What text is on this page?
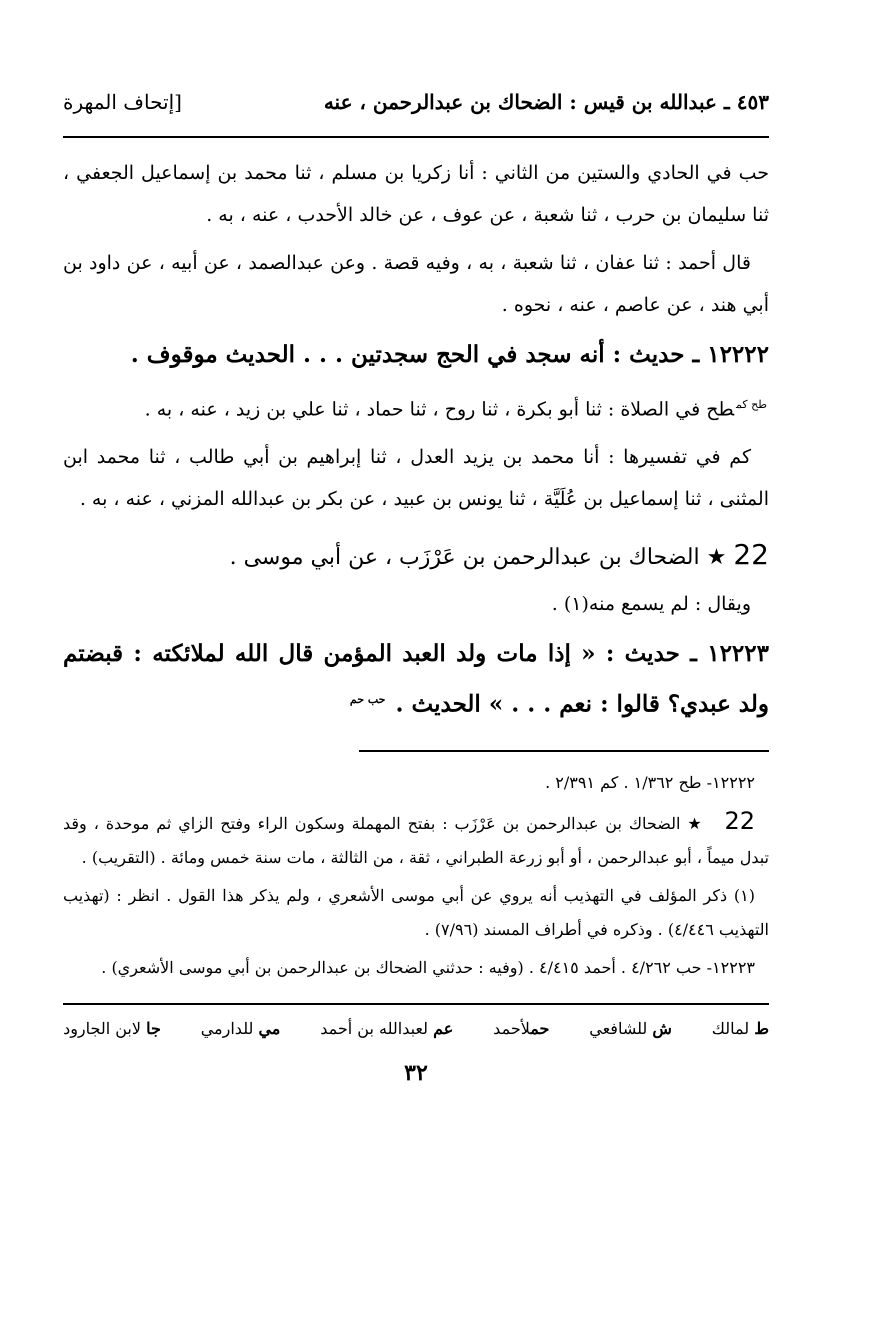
٤٥٣ ـ عبدالله بن قيس : الضحاك بن عبدالرحمن ، عنه
[إتحاف المهرة

حب في الحادي والستين من الثاني : أنا زكريا بن مسلم ، ثنا محمد بن إسماعيل الجعفي ، ثنا سليمان بن حرب ، ثنا شعبة ، عن عوف ، عن خالد الأحدب ، عنه ، به .

قال أحمد : ثنا عفان ، ثنا شعبة ، به ، وفيه قصة . وعن عبدالصمد ، عن أبيه ، عن داود بن أبي هند ، عن عاصم ، عنه ، نحوه .

١٢٢٢٢ ـ حديث : أنه سجد في الحج سجدتين . . . الحديث موقوف .

$^{طح كم}$طح في الصلاة : ثنا أبو بكرة ، ثنا روح ، ثنا حماد ، ثنا علي بن زيد ، عنه ، به .

كم في تفسيرها : أنا محمد بن يزيد العدل ، ثنا إبراهيم بن أبي طالب ، ثنا محمد ابن المثنى ، ثنا إسماعيل بن عُلَيَّة ، ثنا يونس بن عبيد ، عن بكر بن عبدالله المزني ، عنه ، به .

22 ★ الضحاك بن عبدالرحمن بن عَرْزَب ، عن أبي موسى .

ويقال : لم يسمع منه(١) .

١٢٢٢٣ ـ حديث : « إذا مات ولد العبد المؤمن قال الله لملائكته : قبضتم ولد عبدي؟ قالوا : نعم . . . » الحديث . $^{حب حم}$

١٢٢٢٢- طح ١/٣٦٢ . كم ٢/٣٩١ .

22 ★ الضحاك بن عبدالرحمن بن عَرْزَب : بفتح المهملة وسكون الراء وفتح الزاي ثم موحدة ، وقد تبدل ميماً ، أبو عبدالرحمن ، أو أبو زرعة الطبراني ، ثقة ، من الثالثة ، مات سنة خمس ومائة . (التقريب) .

(١) ذكر المؤلف في التهذيب أنه يروي عن أبي موسى الأشعري ، ولم يذكر هذا القول . انظر : (تهذيب التهذيب ٤/٤٤٦) . وذكره في أطراف المسند (٧/٩٦) .

١٢٢٢٣- حب ٤/٢٦٢ . أحمد ٤/٤١٥ . (وفيه : حدثني الضحاك بن عبدالرحمن بن أبي موسى الأشعري) .

ط لمالك
ش للشافعي
حملأحمد
عم لعبدالله بن أحمد
مي للدارمي
جا لابن الجارود
٣٢
